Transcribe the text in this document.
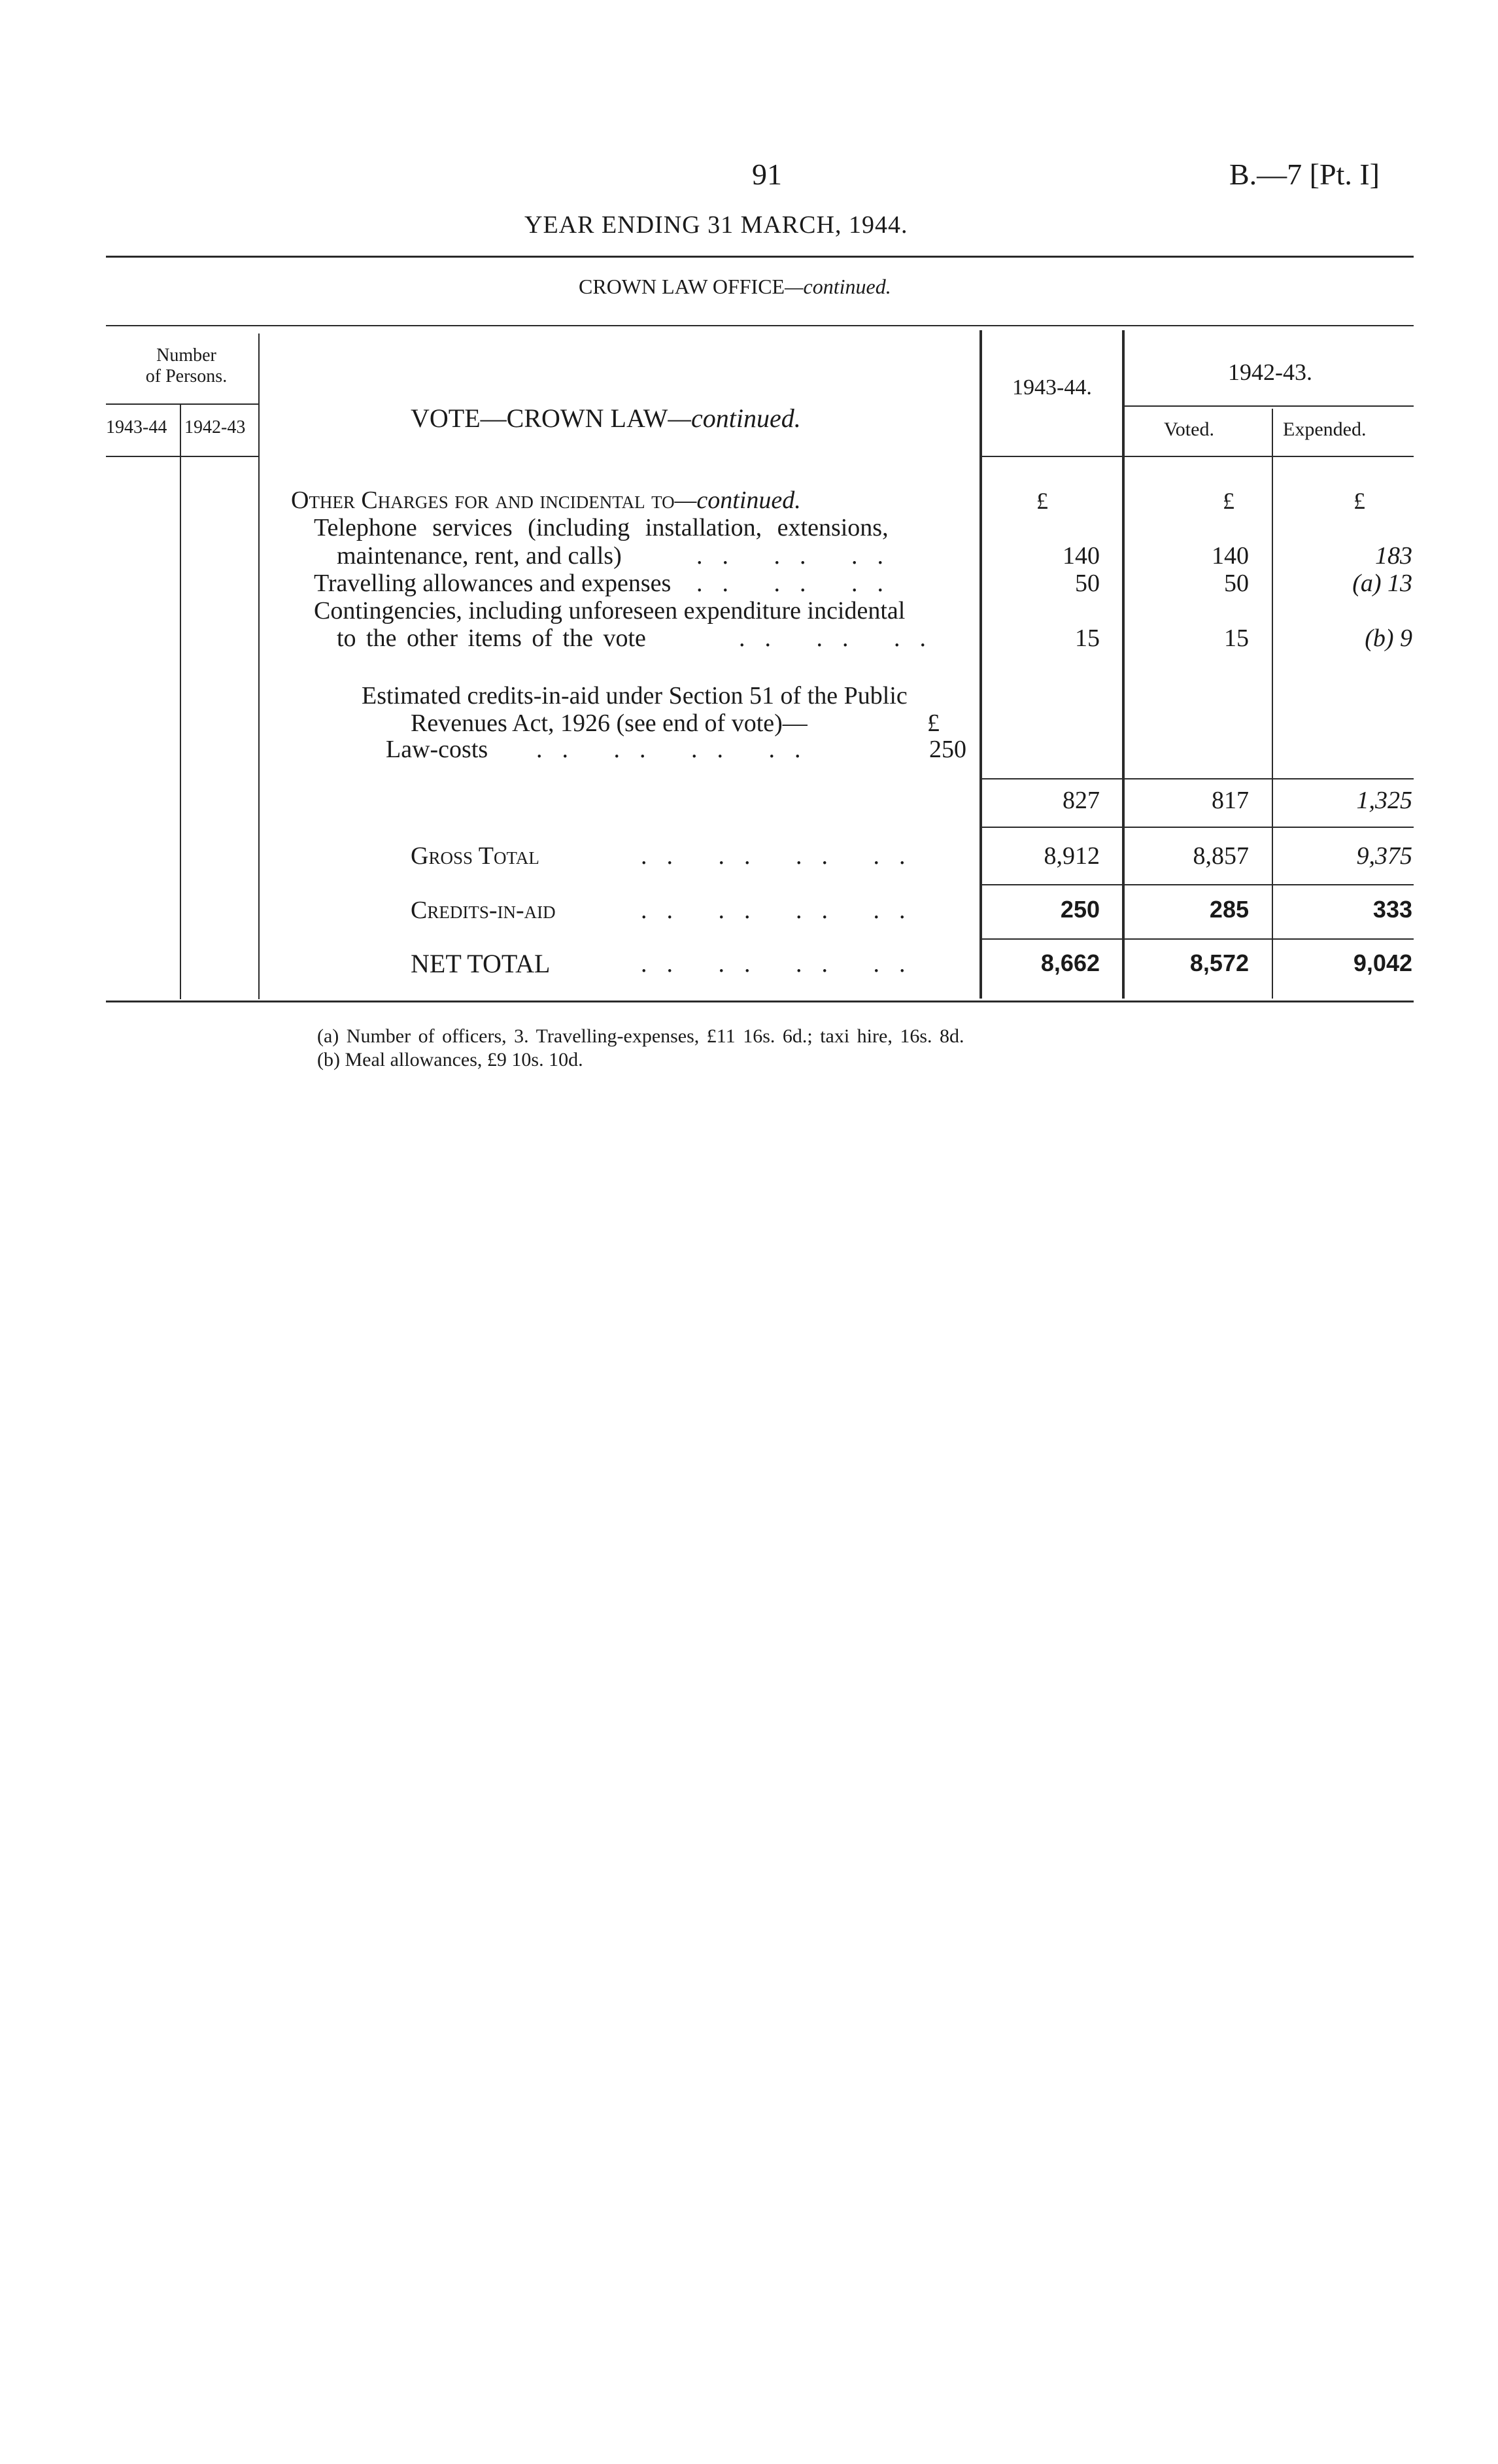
91	B.—7 [Pt. I]
YEAR ENDING 31 MARCH, 1944.
CROWN LAW OFFICE—continued.
Number
of Persons.
1943-44 1942-43	VOTE—CROWN LAW—continued.
1943-44.
1942-43.
Voted.	Expended.
Other Charges for and incidental to—continued.	£	£	£
Telephone services (including installation, extensions,
maintenance, rent, and calls)	.. .. ..	140	140	183
Travelling allowances and expenses .. .. ..	50	50	(a) 13
Contingencies, including unforeseen expenditure incidental
to the other items of the vote	.. .. ..	15	15	(b) 9
Estimated credits-in-aid under Section 51 of the Public
Revenues Act, 1926 (see end of vote)—	£
Law-costs .. .. .. ..	250
827	817	1,325
Gross Total	.. .. .. ..	8,912	8,857	9,375
Credits-in-aid	.. .. .. ..	250	285	333
NET TOTAL	.. .. .. ..	8,662	8,572	9,042
(a) Number of officers, 3. Travelling-expenses, £11 16s. 6d.; taxi hire, 16s. 8d.
(b) Meal allowances, £9 10s. 10d.
